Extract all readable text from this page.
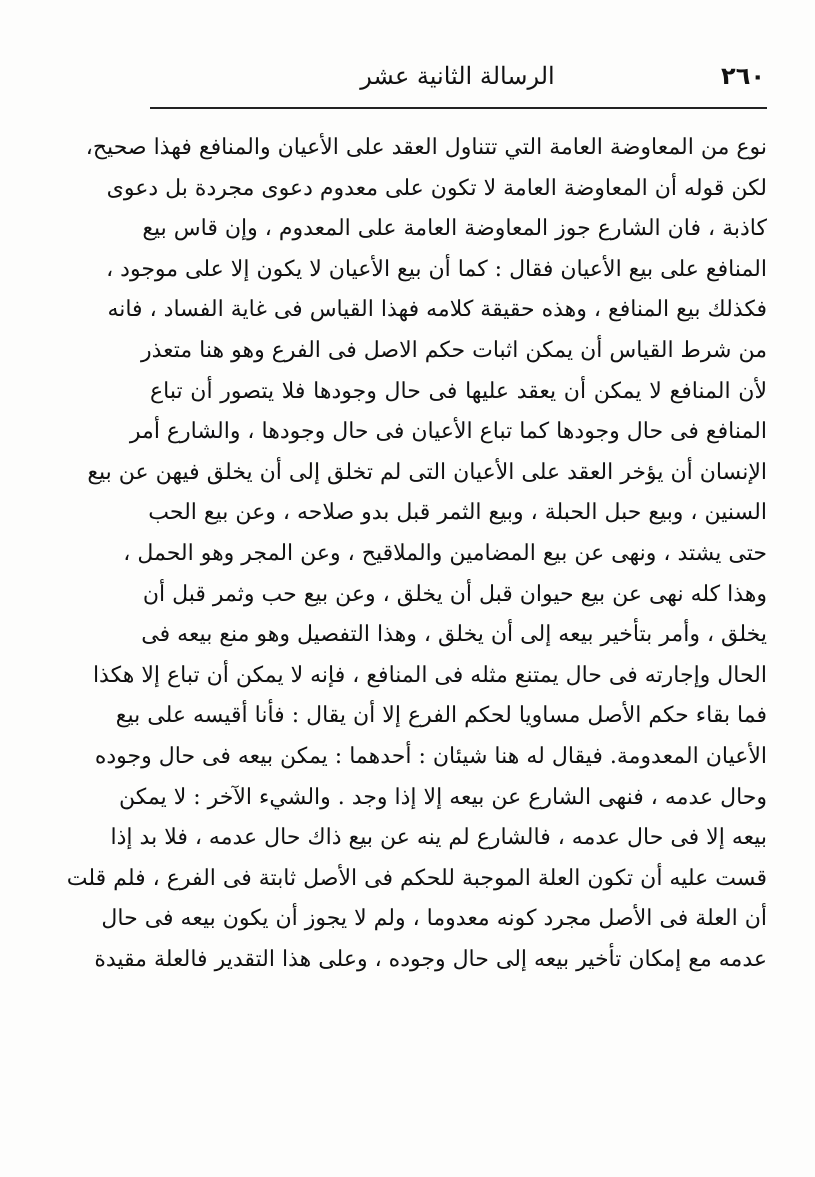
٢٦٠
الرسالة الثانية عشر
نوع من المعاوضة العامة التي تتناول العقد على الأعيان والمنافع فهذا صحيح،
لكن قوله أن المعاوضة العامة لا تكون على معدوم دعوى مجردة بل دعوى
كاذبة ، فان الشارع جوز المعاوضة العامة على المعدوم ، وإن قاس بيع
المنافع على بيع الأعيان فقال : كما أن بيع الأعيان لا يكون إلا على موجود ،
فكذلك بيع المنافع ، وهذه حقيقة كلامه فهذا القياس فى غاية الفساد ، فانه
من شرط القياس أن يمكن اثبات حكم الاصل فى الفرع وهو هنا متعذر
لأن المنافع لا يمكن أن يعقد عليها فى حال وجودها فلا يتصور أن تباع
المنافع فى حال وجودها كما تباع الأعيان فى حال وجودها ، والشارع أمر
الإنسان أن يؤخر العقد على الأعيان التى لم تخلق إلى أن يخلق فيهن عن بيع
السنين ، وبيع حبل الحبلة ، وبيع الثمر قبل بدو صلاحه ، وعن بيع الحب
حتى يشتد ، ونهى عن بيع المضامين والملاقيح ، وعن المجر وهو الحمل ،
وهذا كله نهى عن بيع حيوان قبل أن يخلق ، وعن بيع حب وثمر قبل أن
يخلق ، وأمر بتأخير بيعه إلى أن يخلق ، وهذا التفصيل وهو منع بيعه فى
الحال وإجارته فى حال يمتنع مثله فى المنافع ، فإنه لا يمكن أن تباع إلا هكذا
فما بقاء حكم الأصل مساويا لحكم الفرع إلا أن يقال : فأنا أقيسه على بيع
الأعيان المعدومة. فيقال له هنا شيئان : أحدهما : يمكن بيعه فى حال وجوده
وحال عدمه ، فنهى الشارع عن بيعه إلا إذا وجد . والشيء الآخر : لا يمكن
بيعه إلا فى حال عدمه ، فالشارع لم ينه عن بيع ذاك حال عدمه ، فلا بد إذا
قست عليه أن تكون العلة الموجبة للحكم فى الأصل ثابتة فى الفرع ، فلم قلت
أن العلة فى الأصل مجرد كونه معدوما ، ولم لا يجوز أن يكون بيعه فى حال
عدمه مع إمكان تأخير بيعه إلى حال وجوده ، وعلى هذا التقدير فالعلة مقيدة
